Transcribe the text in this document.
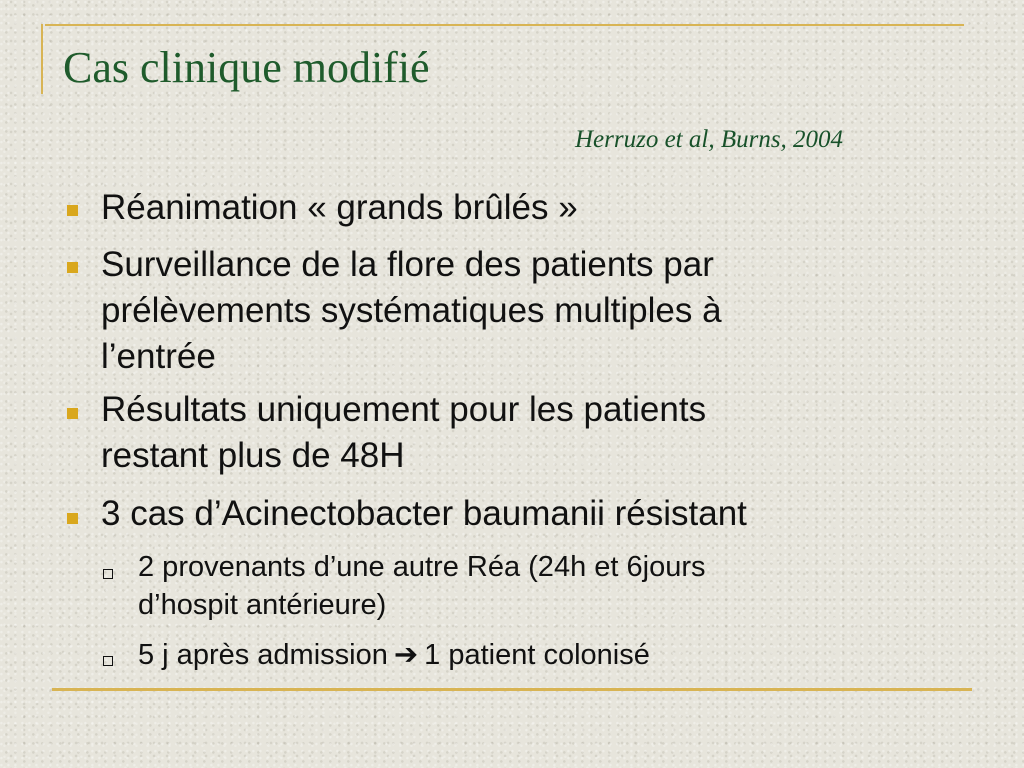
Cas clinique modifié
Herruzo et al, Burns, 2004
Réanimation « grands brûlés »
Surveillance de la flore des patients par
prélèvements systématiques multiples à
l’entrée
Résultats uniquement pour les patients
restant plus de 48H
3 cas d’Acinectobacter baumanii résistant
2 provenants d’une autre Réa (24h et 6jours
d’hospit antérieure)
5 j après admission ➔ 1 patient colonisé
